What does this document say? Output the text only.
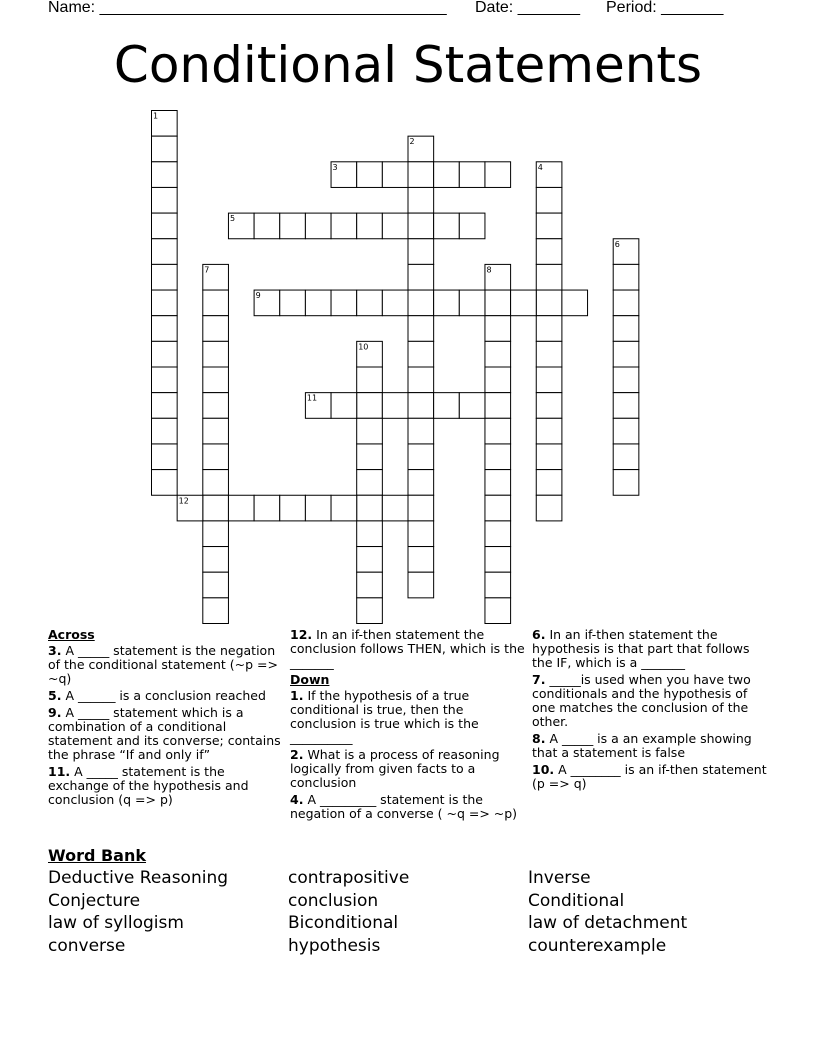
Name: _______________________________________ Date: _______ Period: _______
Conditional Statements
1
2
3	4
5
6
7	8
9
10
11
12
Across
3. A _____ statement is the negation of the conditional statement (~p => ~q)
5. A ______ is a conclusion reached
9. A _____ statement which is a combination of a conditional statement and its converse; contains the phrase “If and only if”
11. A _____ statement is the exchange of the hypothesis and conclusion (q => p)
12. In an if-then statement the conclusion follows THEN, which is the _______
Down
1. If the hypothesis of a true conditional is true, then the conclusion is true which is the __________
2. What is a process of reasoning logically from given facts to a conclusion
4. A _________ statement is the negation of a converse ( ~q => ~p)
6. In an if-then statement the hypothesis is that part that follows the IF, which is a _______
7. _____is used when you have two conditionals and the hypothesis of one matches the conclusion of the other.
8. A _____ is a an example showing that a statement is false
10. A ________ is an if-then statement (p => q)
Word Bank
Deductive Reasoning
Conjecture
law of syllogism
converse
contrapositive
conclusion
Biconditional
hypothesis
Inverse
Conditional
law of detachment
counterexample
